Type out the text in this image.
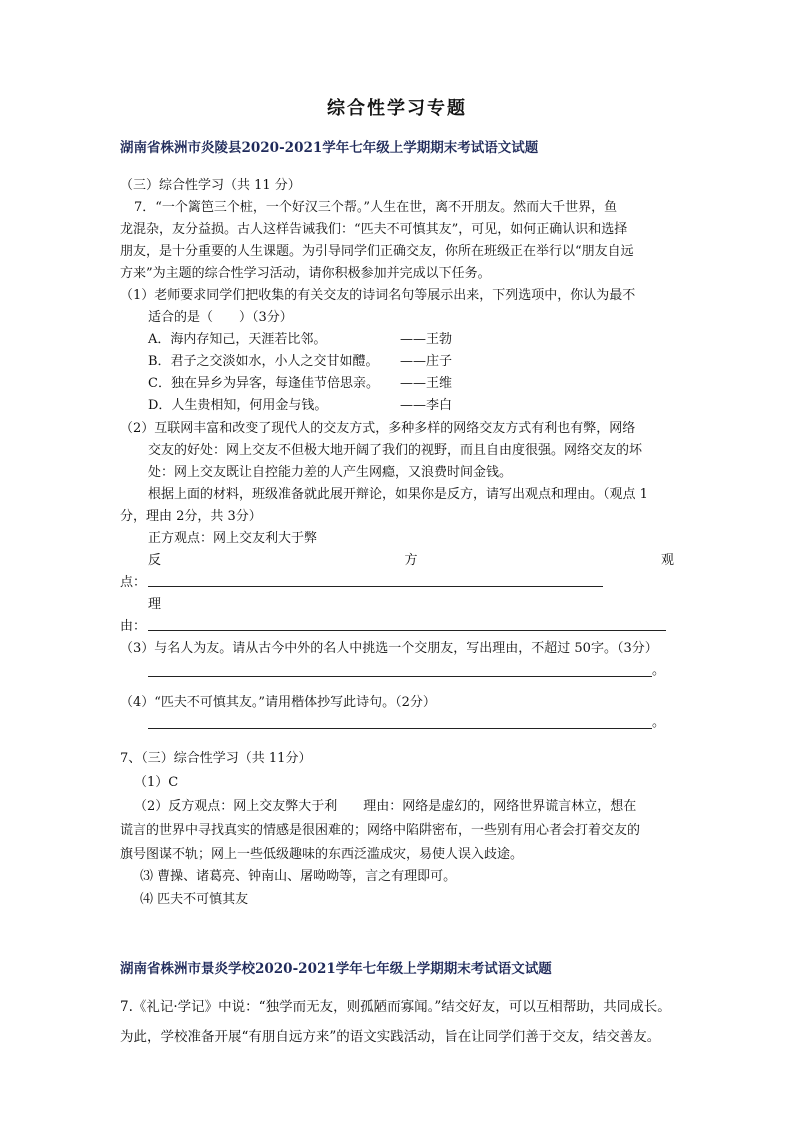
综合性学习专题
湖南省株洲市炎陵县2020-2021学年七年级上学期期末考试语文试题
（三）综合性学习（共 11 分）
7．“一个篱笆三个桩，一个好汉三个帮。”人生在世，离不开朋友。然而大千世界，鱼
龙混杂，友分益损。古人这样告诫我们：“匹夫不可慎其友”，可见，如何正确认识和选择
朋友，是十分重要的人生课题。为引导同学们正确交友，你所在班级正在举行以“朋友自远
方来”为主题的综合性学习活动，请你积极参加并完成以下任务。
（1）老师要求同学们把收集的有关交友的诗词名句等展示出来，下列选项中，你认为最不
适合的是（　　）（3分）
A．海内存知己，天涯若比邻。	——王勃
B．君子之交淡如水，小人之交甘如醴。 ——庄子
C．独在异乡为异客，每逢佳节倍思亲。 ——王维
D．人生贵相知，何用金与钱。	——李白
（2）互联网丰富和改变了现代人的交友方式，多种多样的网络交友方式有利也有弊，网络
交友的好处：网上交友不但极大地开阔了我们的视野，而且自由度很强。网络交友的坏
处：网上交友既让自控能力差的人产生网瘾，又浪费时间金钱。
根据上面的材料，班级准备就此展开辩论，如果你是反方，请写出观点和理由。（观点 1
分，理由 2分，共 3分）
正方观点：网上交友利大于弊
反	方	观
点：
理
由：
（3）与名人为友。请从古今中外的名人中挑选一个交朋友，写出理由，不超过 50字。（3分）
。
（4）“匹夫不可慎其友。”请用楷体抄写此诗句。（2分）
。
7、（三）综合性学习（共 11分）
（1）C
（2）反方观点：网上交友弊大于利　　理由：网络是虚幻的，网络世界谎言林立，想在
谎言的世界中寻找真实的情感是很困难的；网络中陷阱密布，一些别有用心者会打着交友的
旗号图谋不轨；网上一些低级趣味的东西泛滥成灾，易使人误入歧途。
⑶ 曹操、诸葛亮、钟南山、屠呦呦等，言之有理即可。
⑷ 匹夫不可慎其友
湖南省株洲市景炎学校2020-2021学年七年级上学期期末考试语文试题
7.《礼记·学记》中说：“独学而无友，则孤陋而寡闻。”结交好友，可以互相帮助，共同成长。
为此，学校准备开展“有朋自远方来”的语文实践活动，旨在让同学们善于交友，结交善友。
